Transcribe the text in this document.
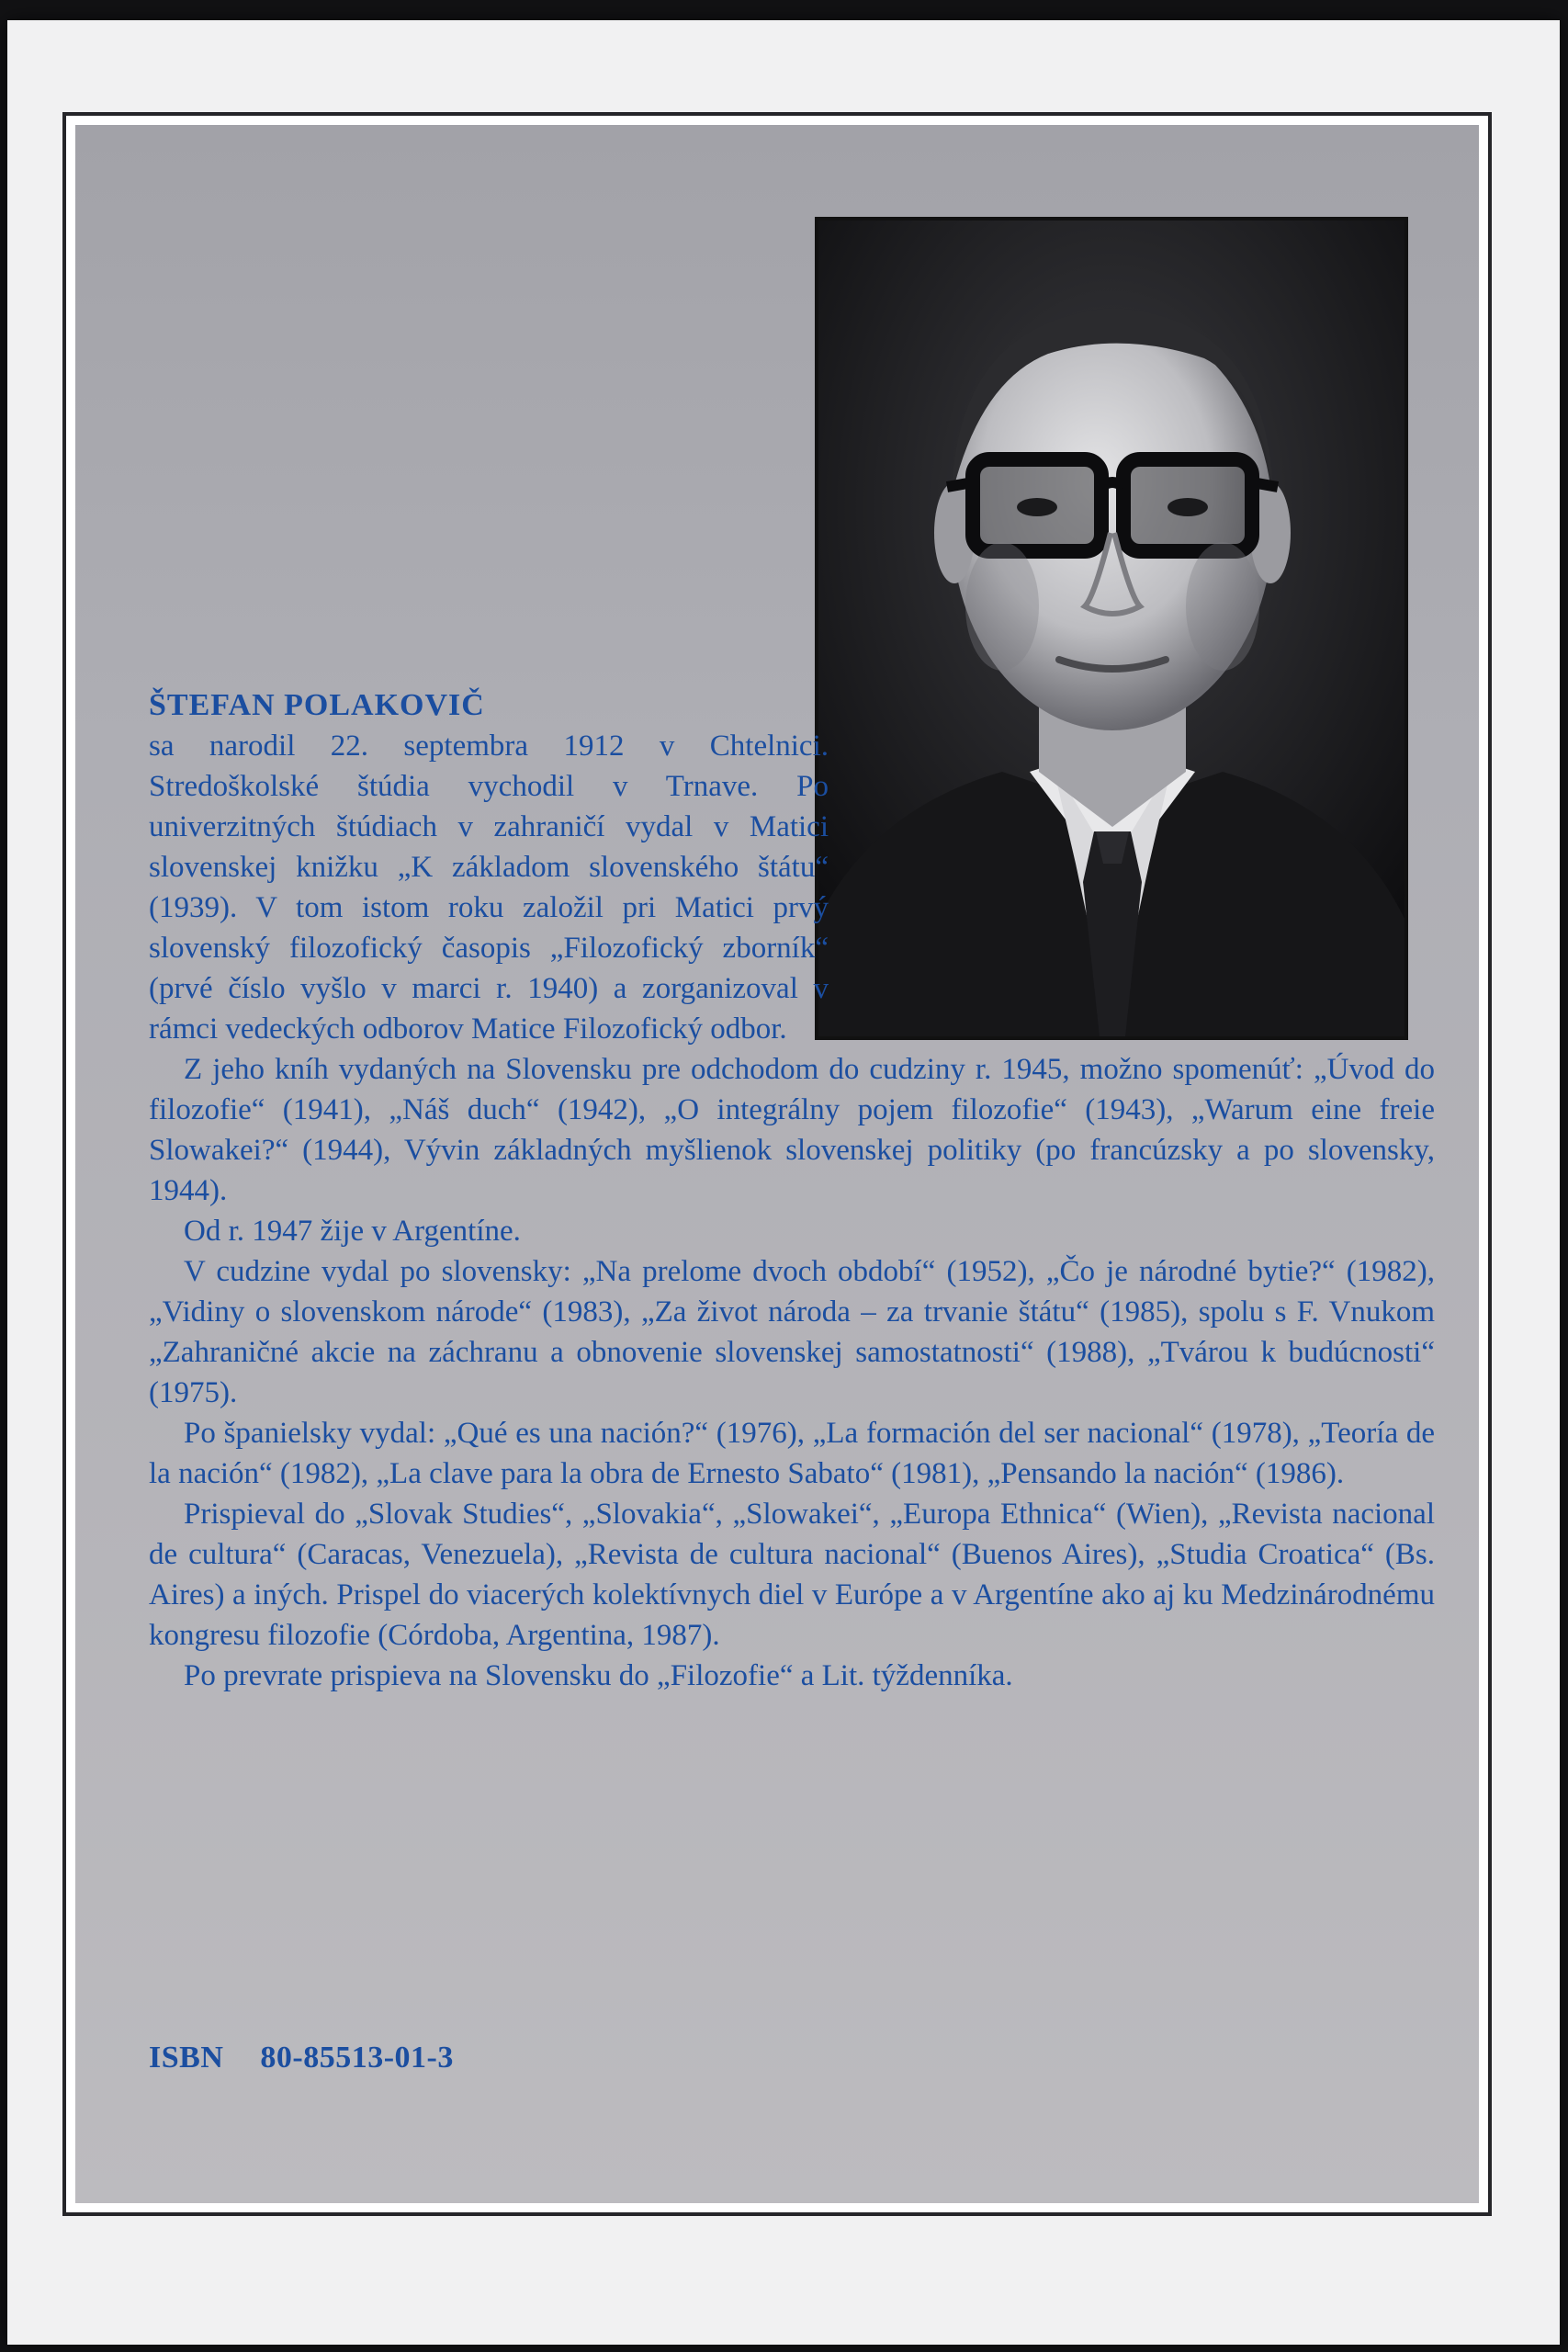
ŠTEFAN POLAKOVIČ

sa narodil 22. septembra 1912 v Chtelnici. Stredoškolské štúdia vychodil v Trnave. Po univerzitných štúdiach v zahraničí vydal v Matici slovenskej knižku „K základom slovenského štátu“ (1939). V tom istom roku založil pri Matici prvý slovenský filozofický časopis „Filozofický zborník“ (prvé číslo vyšlo v marci r. 1940) a zorganizoval v rámci vedeckých odborov Matice Filozofický odbor.

Z jeho kníh vydaných na Slovensku pre odchodom do cudziny r. 1945, možno spomenúť: „Úvod do filozofie“ (1941), „Náš duch“ (1942), „O integrálny pojem filozofie“ (1943), „Warum eine freie Slowakei?“ (1944), Vývin základných myšlienok slovenskej politiky (po francúzsky a po slovensky, 1944).

Od r. 1947 žije v Argentíne.

V cudzine vydal po slovensky: „Na prelome dvoch období“ (1952), „Čo je národné bytie?“ (1982), „Vidiny o slovenskom národe“ (1983), „Za život národa – za trvanie štátu“ (1985), spolu s F. Vnukom „Zahraničné akcie na záchranu a obnovenie slovenskej samostatnosti“ (1988), „Tvárou k budúcnosti“ (1975).

Po španielsky vydal: „Qué es una nación?“ (1976), „La formación del ser nacional“ (1978), „Teoría de la nación“ (1982), „La clave para la obra de Ernesto Sabato“ (1981), „Pensando la nación“ (1986).

Prispieval do „Slovak Studies“, „Slovakia“, „Slowakei“, „Europa Ethnica“ (Wien), „Revista nacional de cultura“ (Caracas, Venezuela), „Revista de cultura nacional“ (Buenos Aires), „Studia Croatica“ (Bs. Aires) a iných. Prispel do viacerých kolektívnych diel v Európe a v Argentíne ako aj ku Medzinárodnému kongresu filozofie (Córdoba, Argentina, 1987).

Po prevrate prispieva na Slovensku do „Filozofie“ a Lit. týždenníka.

ISBN 80-85513-01-3
